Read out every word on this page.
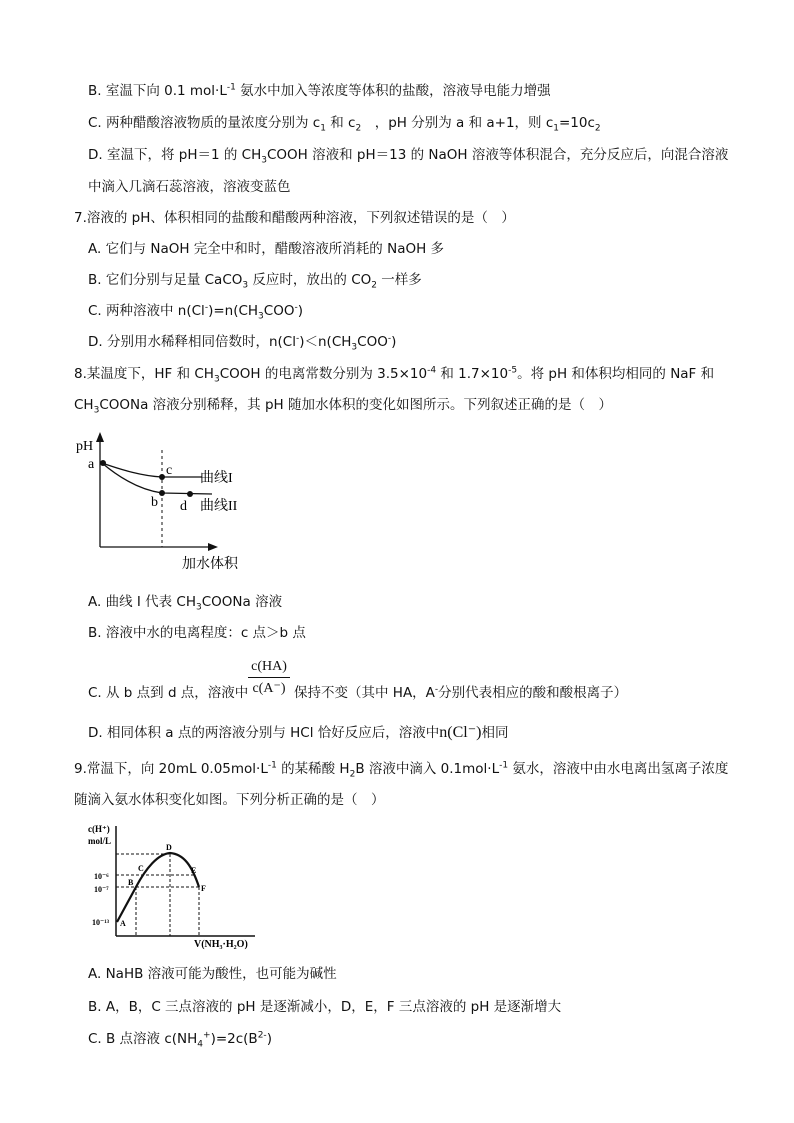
B. 室温下向 0.1 $mol\cdot L^{-1}$ 氨水中加入等浓度等体积的盐酸，溶液导电能力增强
C. 两种醋酸溶液物质的量浓度分别为 $c_1$ 和 $c_2$　，pH 分别为 a 和 a+1，则 $c_1=10c_2$
D. 室温下，将 pH＝1 的 $CH_3COOH$ 溶液和 pH＝13 的 NaOH 溶液等体积混合，充分反应后，向混合溶液
中滴入几滴石蕊溶液，溶液变蓝色
7.溶液的 pH、体积相同的盐酸和醋酸两种溶液，下列叙述错误的是（　）
A. 它们与 NaOH 完全中和时，醋酸溶液所消耗的 NaOH 多
B. 它们分别与足量 CaCO$_3$ 反应时，放出的 $CO_2$ 一样多
C. 两种溶液中 $n(Cl^-)=n(CH_3COO^-)$
D. 分别用水稀释相同倍数时，$n(Cl^-)<n(CH_3COO^-)$
8.某温度下，HF 和 $CH_3COOH$ 的电离常数分别为 $3.5\times 10^{-4}$ 和 $1.7\times 10^{-5}$。将 pH 和体积均相同的 NaF 和
$CH_3COONa$ 溶液分别稀释，其 pH 随加水体积的变化如图所示。下列叙述正确的是（　）
pH
加水体积
a
b
c
d
曲线I
曲线II
A. 曲线 I 代表 $CH_3COONa$ 溶液
B. 溶液中水的电离程度：c 点＞b 点
C. 从 b 点到 d 点，溶液中
c(HA)
c(A⁻) 保持不变（其中 HA，A-分别代表相应的酸和酸根离子）
D. 相同体积 a 点的两溶液分别与 HCl 恰好反应后，溶液中n(Cl⁻)相同
9.常温下，向 20mL $0.05mol\cdot L^{-1}$ 的某稀酸 $H_2B$ 溶液中滴入 $0.1mol\cdot L^{-1}$ 氨水，溶液中由水电离出氢离子浓度
随滴入氨水体积变化如图。下列分析正确的是（　）
c(H⁺)
mol/L
V(NH₃·H₂O)
10⁻⁶
10⁻⁷
10⁻¹³ A
B
C
D
E
F
A. NaHB 溶液可能为酸性，也可能为碱性
B. A，B，C 三点溶液的 pH 是逐渐减小，D，E，F 三点溶液的 pH 是逐渐增大
C. B 点溶液 $c(NH_4^+)=2c(B^{2-})$
